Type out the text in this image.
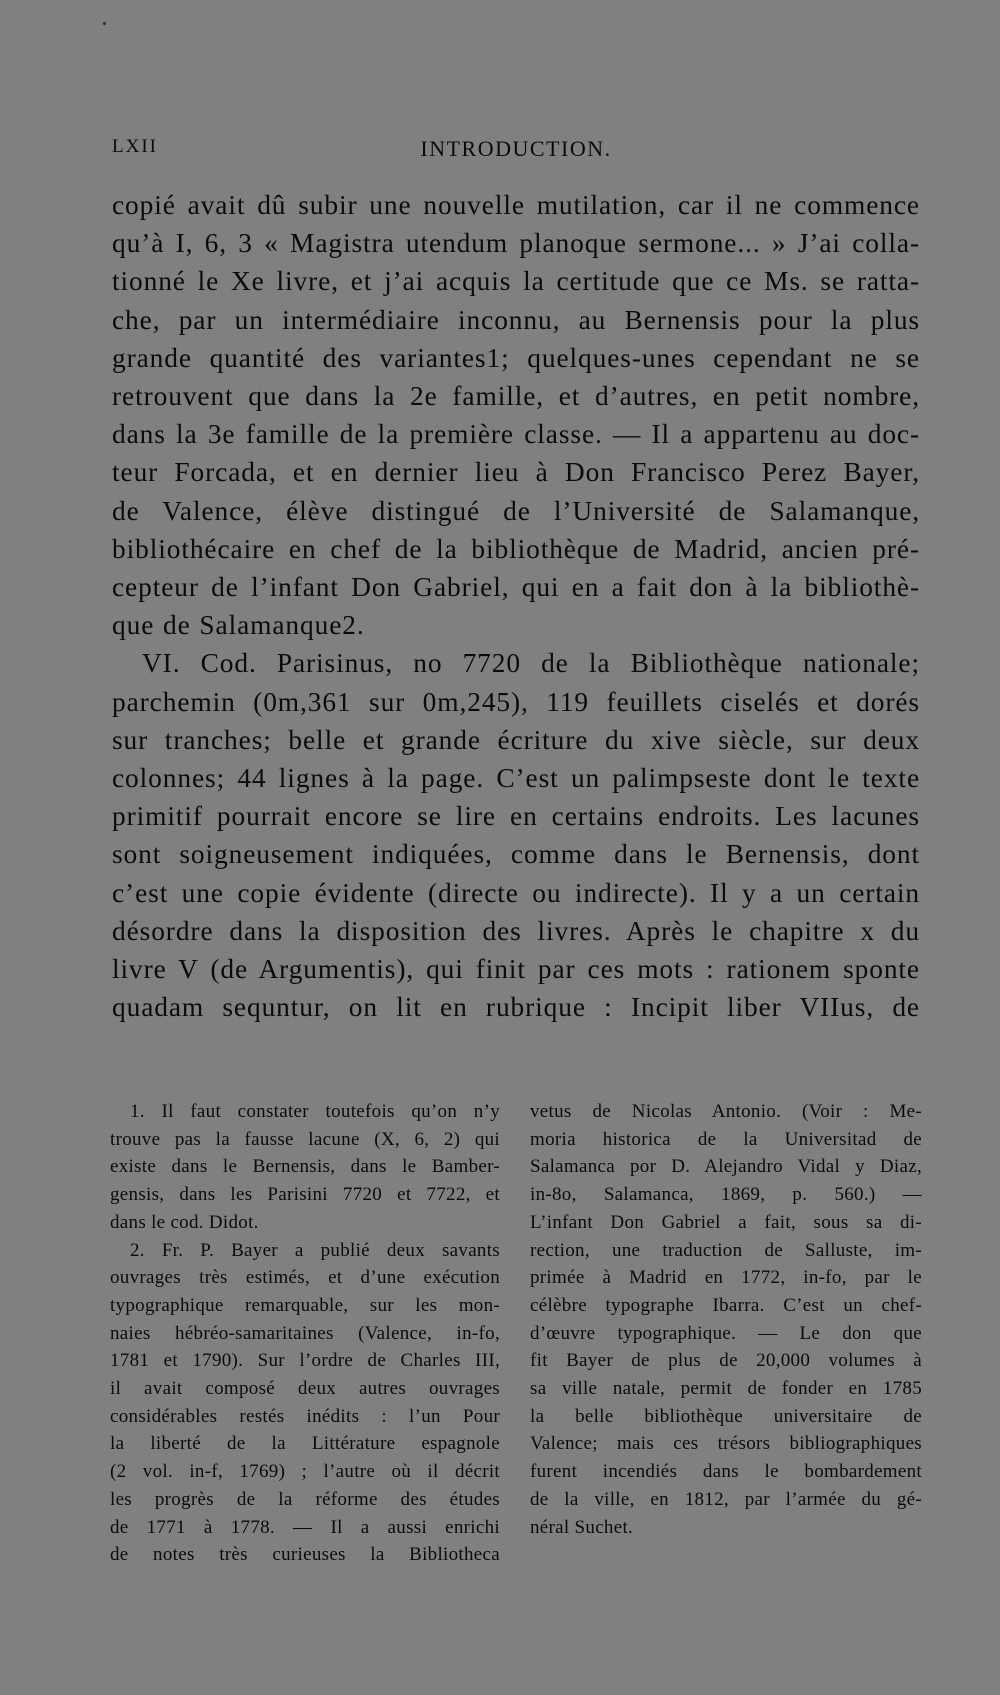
LXII	INTRODUCTION.
copié avait dû subir une nouvelle mutilation, car il ne commence
qu’à I, 6, 3 « Magistra utendum planoque sermone... » J’ai colla-
tionné le Xe livre, et j’ai acquis la certitude que ce Ms. se ratta-
che, par un intermédiaire inconnu, au Bernensis pour la plus
grande quantité des variantes1; quelques-unes cependant ne se
retrouvent que dans la 2e famille, et d’autres, en petit nombre,
dans la 3e famille de la première classe. — Il a appartenu au doc-
teur Forcada, et en dernier lieu à Don Francisco Perez Bayer,
de Valence, élève distingué de l’Université de Salamanque,
bibliothécaire en chef de la bibliothèque de Madrid, ancien pré-
cepteur de l’infant Don Gabriel, qui en a fait don à la bibliothè-
que de Salamanque2.
VI. Cod. Parisinus, no 7720 de la Bibliothèque nationale;
parchemin (0m,361 sur 0m,245), 119 feuillets ciselés et dorés
sur tranches; belle et grande écriture du xive siècle, sur deux
colonnes; 44 lignes à la page. C’est un palimpseste dont le texte
primitif pourrait encore se lire en certains endroits. Les lacunes
sont soigneusement indiquées, comme dans le Bernensis, dont
c’est une copie évidente (directe ou indirecte). Il y a un certain
désordre dans la disposition des livres. Après le chapitre x du
livre V (de Argumentis), qui finit par ces mots : rationem sponte
quadam sequntur, on lit en rubrique : Incipit liber VIIus, de
1. Il faut constater toutefois qu’on n’y
trouve pas la fausse lacune (X, 6, 2) qui
existe dans le Bernensis, dans le Bamber-
gensis, dans les Parisini 7720 et 7722, et
dans le cod. Didot.
2. Fr. P. Bayer a publié deux savants
ouvrages très estimés, et d’une exécution
typographique remarquable, sur les mon-
naies hébréo-samaritaines (Valence, in-fo,
1781 et 1790). Sur l’ordre de Charles III,
il avait composé deux autres ouvrages
considérables restés inédits : l’un Pour
la liberté de la Littérature espagnole
(2 vol. in-f, 1769) ; l’autre où il décrit
les progrès de la réforme des études
de 1771 à 1778. — Il a aussi enrichi
de notes très curieuses la Bibliotheca
vetus de Nicolas Antonio. (Voir : Me-
moria historica de la Universitad de
Salamanca por D. Alejandro Vidal y Diaz,
in-8o, Salamanca, 1869, p. 560.) —
L’infant Don Gabriel a fait, sous sa di-
rection, une traduction de Salluste, im-
primée à Madrid en 1772, in-fo, par le
célèbre typographe Ibarra. C’est un chef-
d’œuvre typographique. — Le don que
fit Bayer de plus de 20,000 volumes à
sa ville natale, permit de fonder en 1785
la belle bibliothèque universitaire de
Valence; mais ces trésors bibliographiques
furent incendiés dans le bombardement
de la ville, en 1812, par l’armée du gé-
néral Suchet.
